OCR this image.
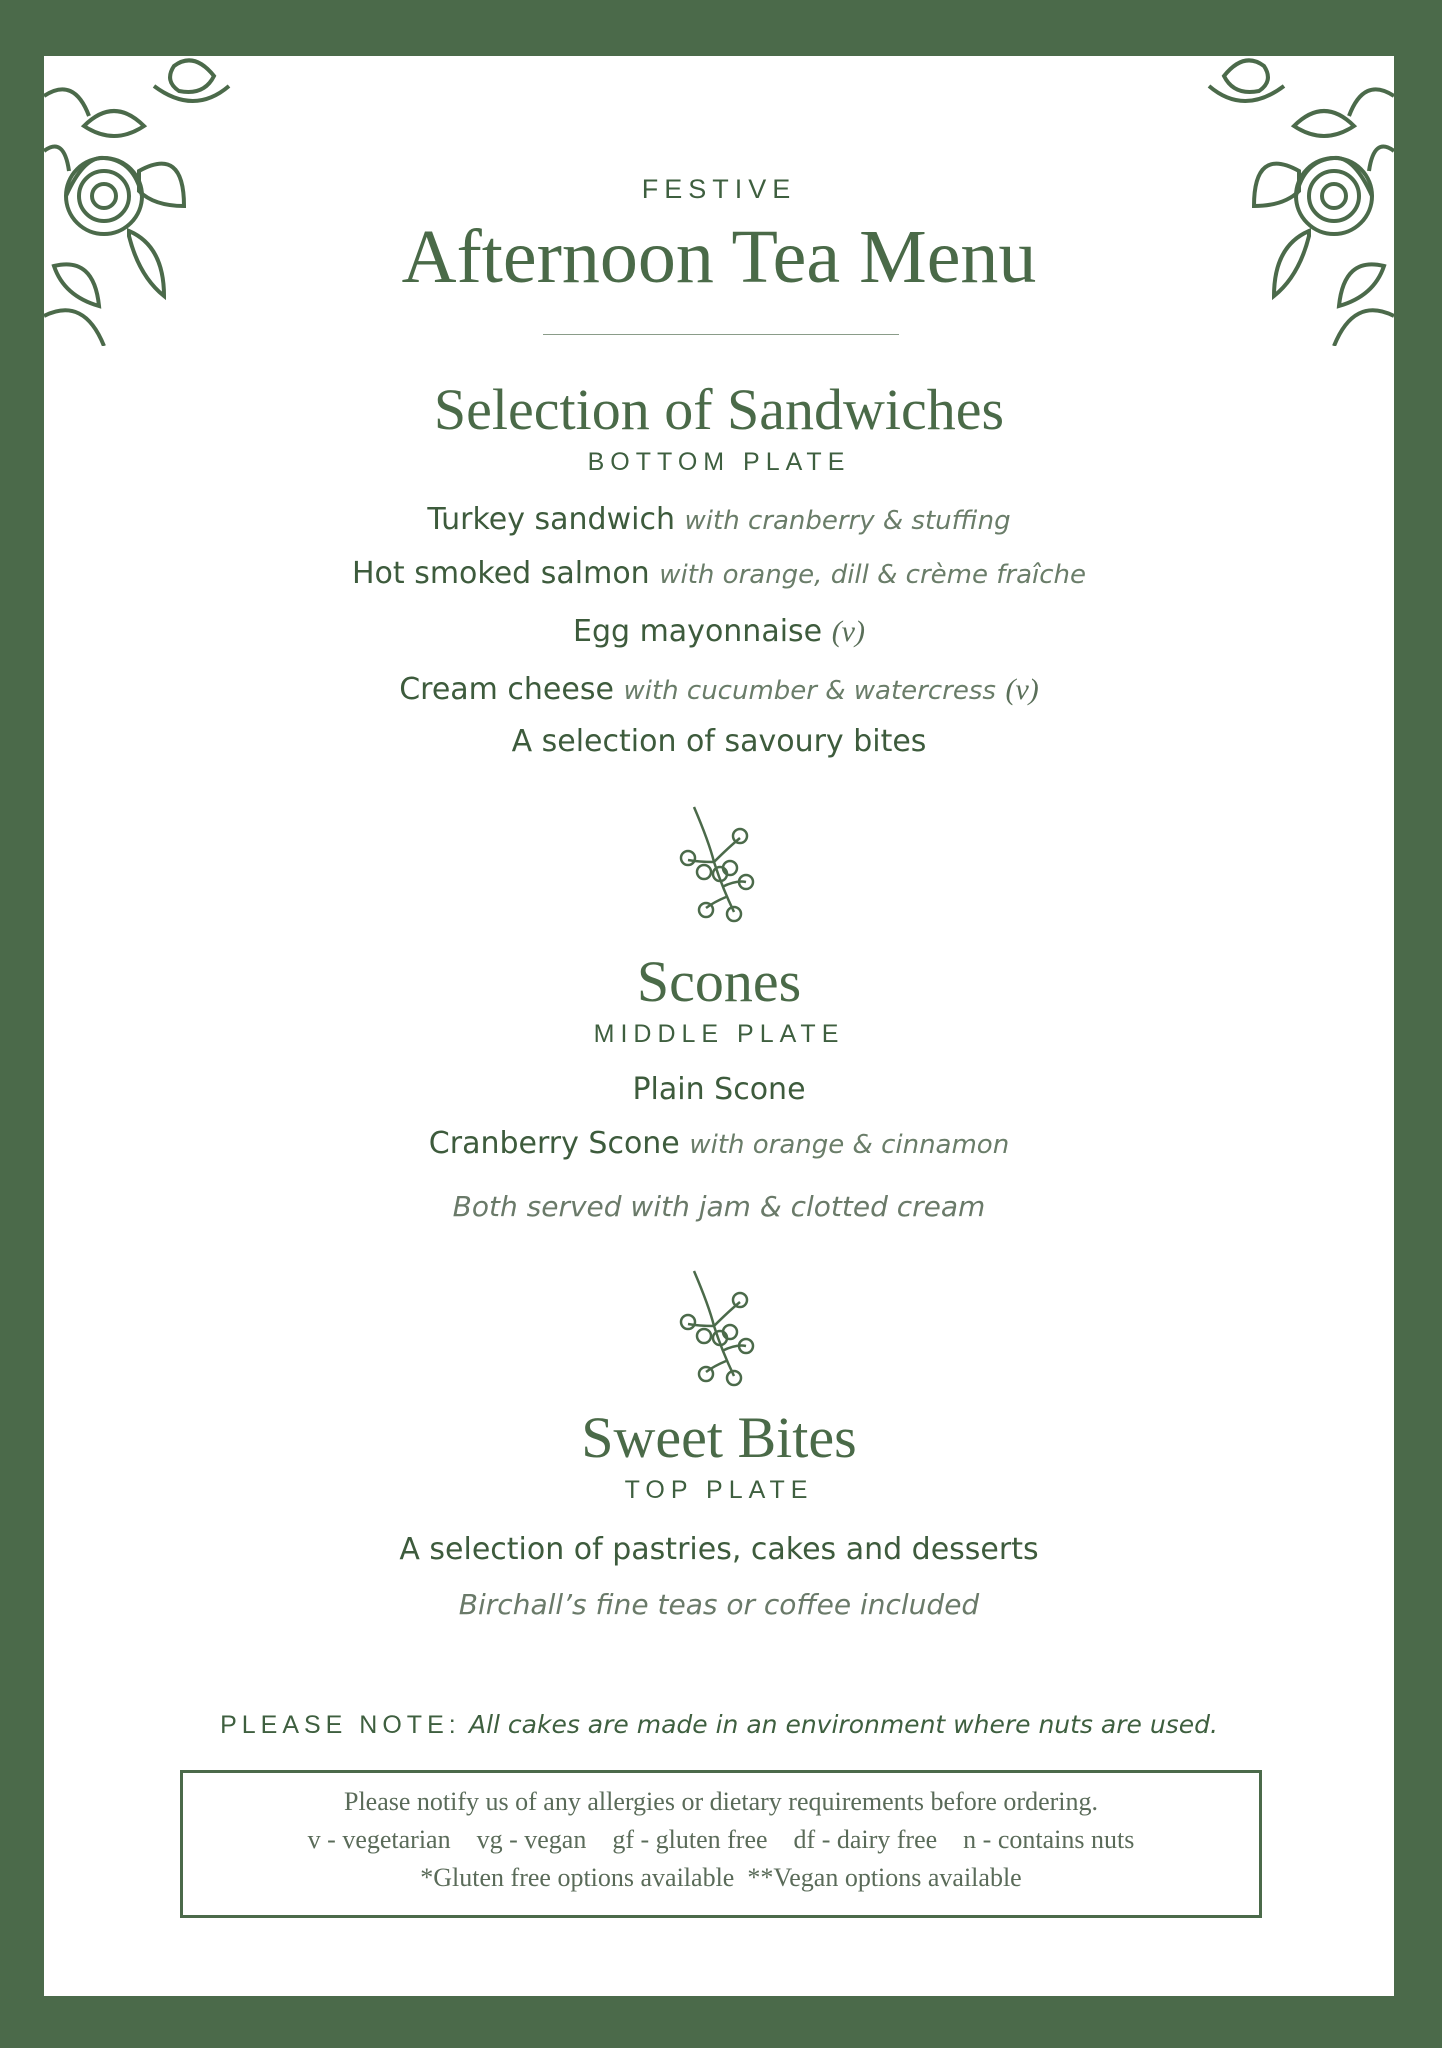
FESTIVE
Afternoon Tea Menu
Selection of Sandwiches
BOTTOM PLATE
Turkey sandwich with cranberry & stuffing
Hot smoked salmon with orange, dill & crème fraîche
Egg mayonnaise (v)
Cream cheese with cucumber & watercress (v)
A selection of savoury bites
Scones
MIDDLE PLATE
Plain Scone
Cranberry Scone with orange & cinnamon
Both served with jam & clotted cream
Sweet Bites
TOP PLATE
A selection of pastries, cakes and desserts
Birchall’s fine teas or coffee included
PLEASE NOTE: All cakes are made in an environment where nuts are used.
Please notify us of any allergies or dietary requirements before ordering.
v - vegetarian    vg - vegan    gf - gluten free    df - dairy free    n - contains nuts
*Gluten free options available  **Vegan options available
